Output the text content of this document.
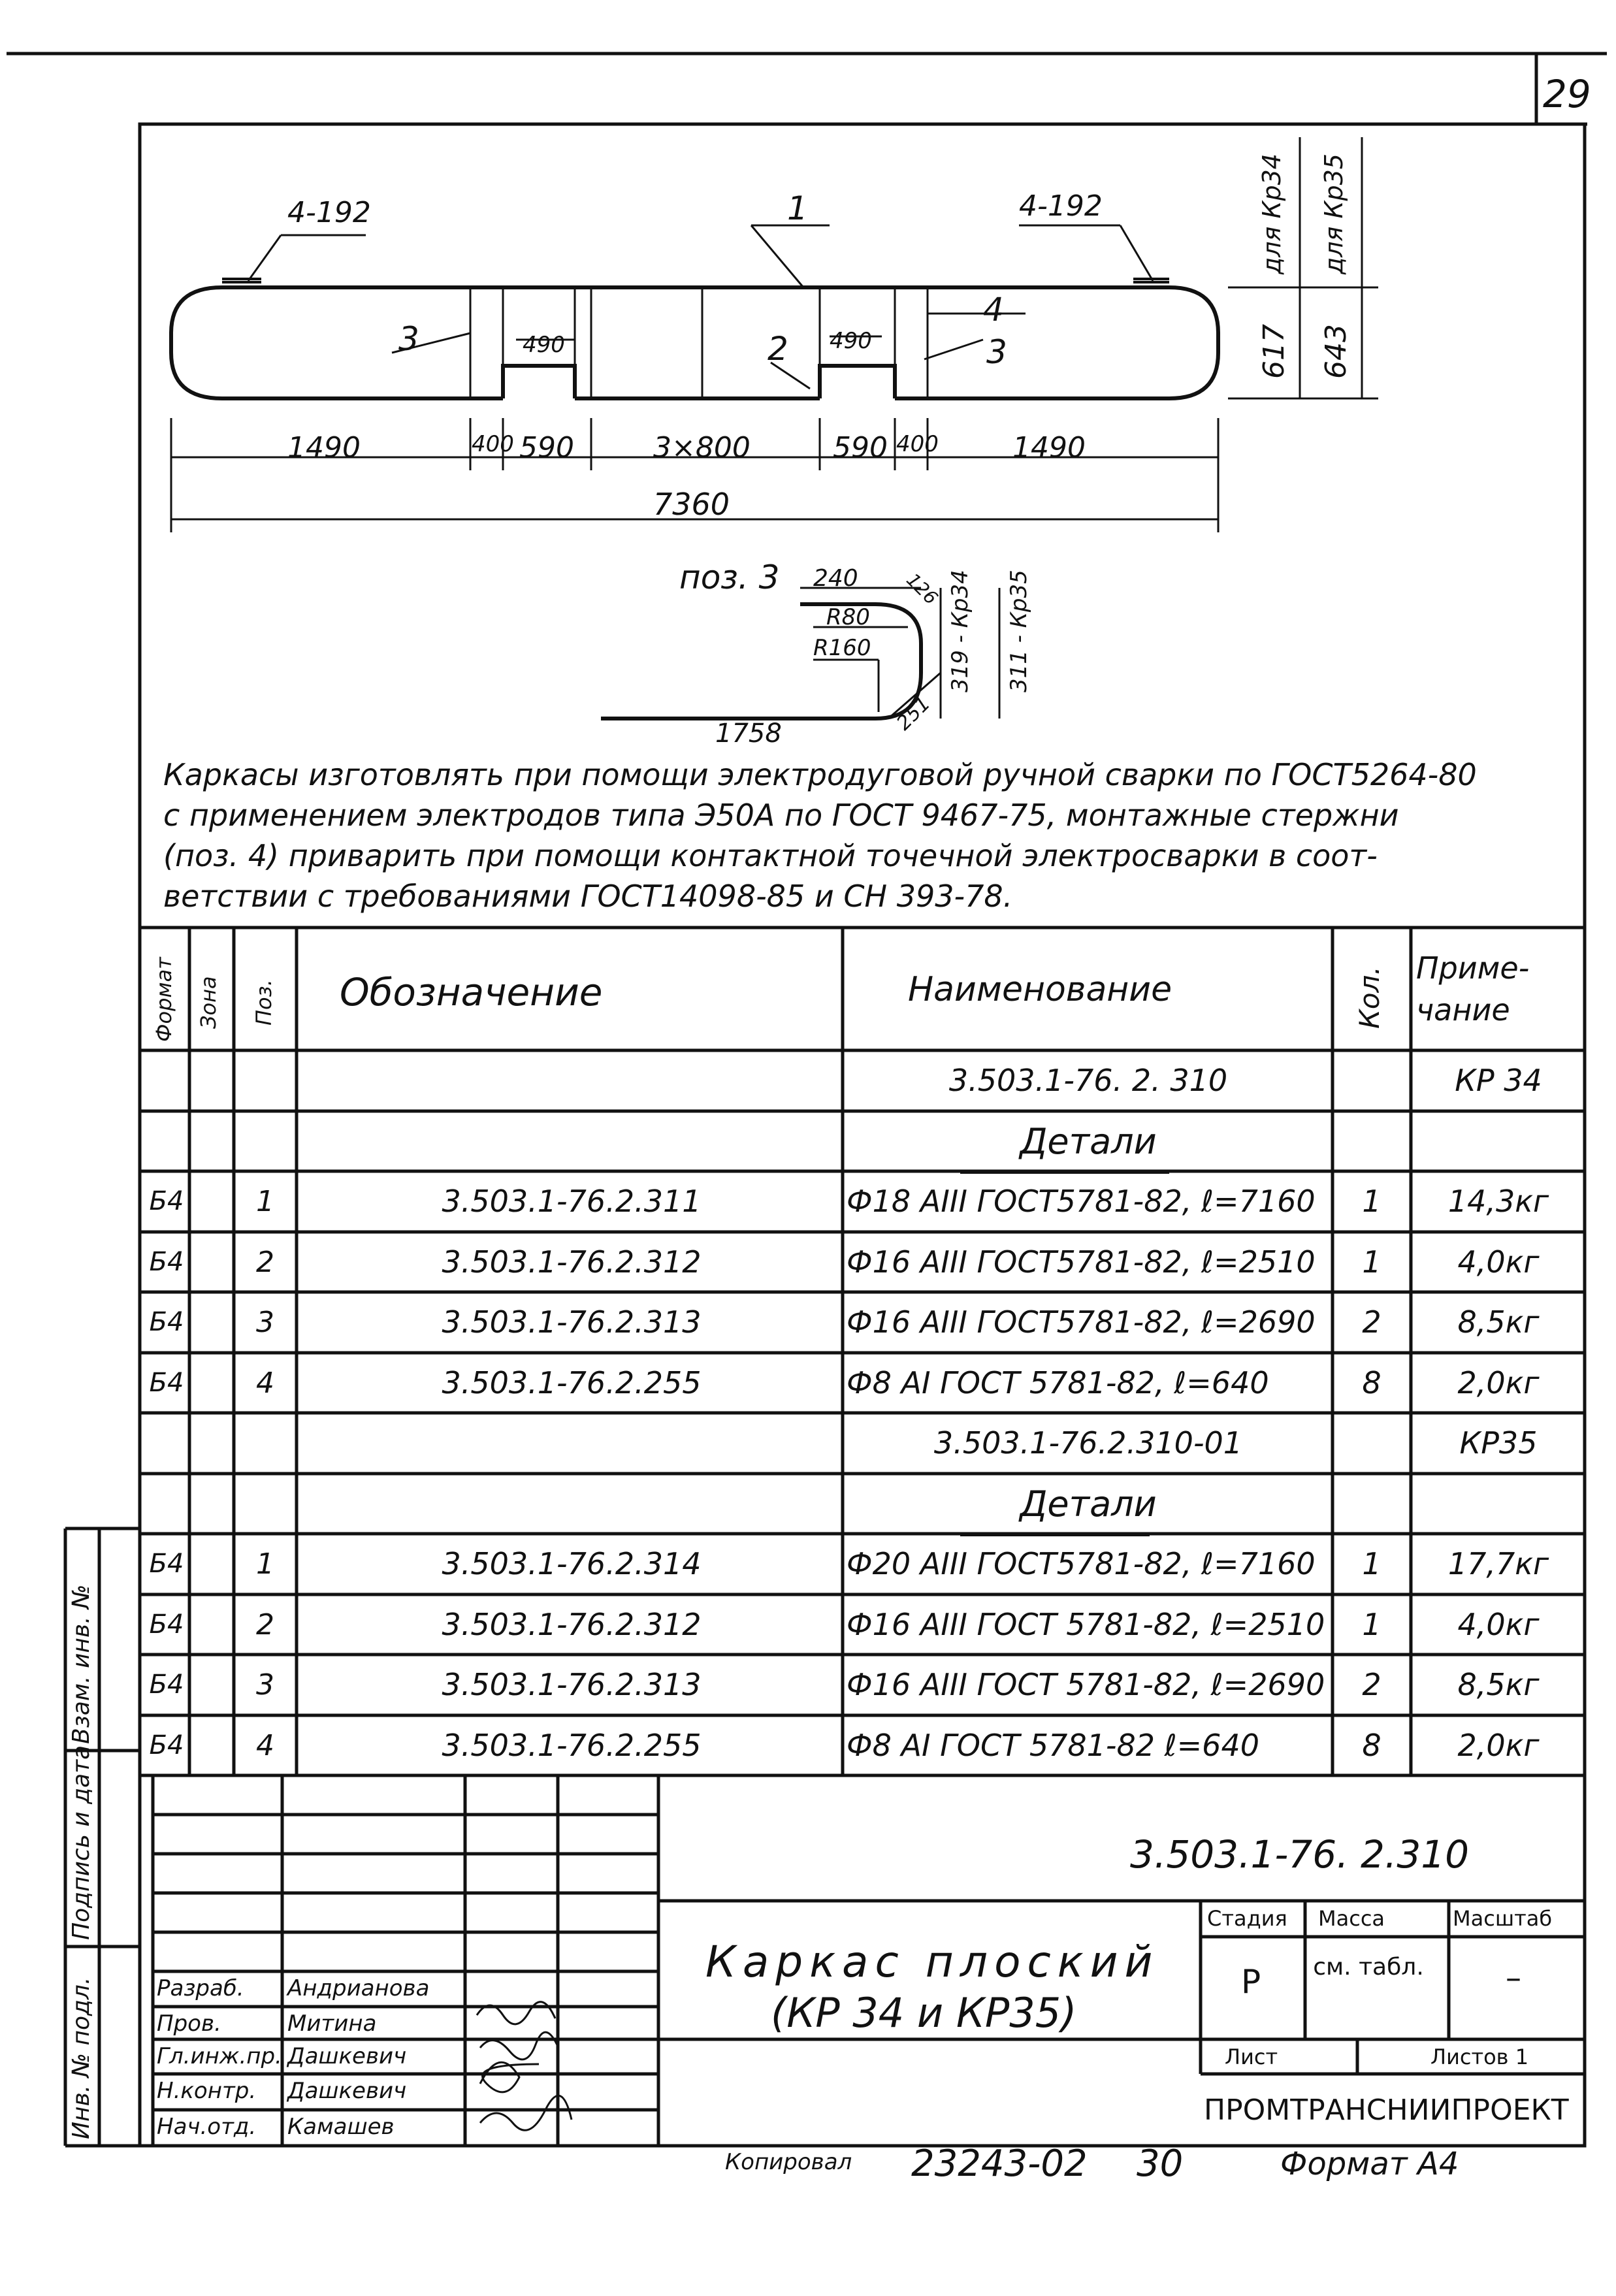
29
4-192	4-192
1
3	2	3
4
490	490
1490	400 590	3×800	590 400	1490
7360
617 643
для Кр34 для Кр35
поз. 3 240 126
R80
R160
1758	251
319 - Кр34 311 - Кр35
Каркасы изготовлять при помощи электродуговой ручной сварки по ГОСТ5264-80
с применением электродов типа Э50А по ГОСТ 9467-75, монтажные стержни
(поз. 4) приварить при помощи контактной точечной электросварки в соот-
ветствии с требованиями ГОСТ14098-85 и СН 393-78.
Формат Зона Поз. Обозначение	Наименование	Кол. Приме-чание
3.503.1-76. 2. 310	КР 34
Детали
Б4	1	3.503.1-76.2.311	Ф18 АIII ГОСТ5781-82, ℓ=7160	1	14,3кг
Б4	2	3.503.1-76.2.312	Ф16 АIII ГОСТ5781-82, ℓ=2510	1	4,0кг
Б4	3	3.503.1-76.2.313	Ф16 АIII ГОСТ5781-82, ℓ=2690	2	8,5кг
Б4	4	3.503.1-76.2.255	Ф8 АI ГОСТ 5781-82, ℓ=640	8	2,0кг
3.503.1-76.2.310-01	КР35
Детали
Б4	1	3.503.1-76.2.314	Ф20 АIII ГОСТ5781-82, ℓ=7160	1	17,7кг
Б4	2	3.503.1-76.2.312	Ф16 АIII ГОСТ 5781-82, ℓ=2510	1	4,0кг
Б4	3	3.503.1-76.2.313	Ф16 АIII ГОСТ 5781-82, ℓ=2690	2	8,5кг
Б4	4	3.503.1-76.2.255	Ф8 АI ГОСТ 5781-82 ℓ=640	8	2,0кг
Инв. № подл.
Подпись и дата
Взам. инв. №
3.503.1-76. 2.310
Каркас плоский
(КР 34 и КР35)
Стадия Масса	Масштаб
Р см. табл.	–
Лист	Листов 1
ПРОМТРАНСНИИПРОЕКТ
Разраб. Андрианова
Пров.	Митина
Гл.инж.пр. Дашкевич
Н.контр. Дашкевич
Нач.отд. Камашев
Копировал 23243-02 30	Формат А4
